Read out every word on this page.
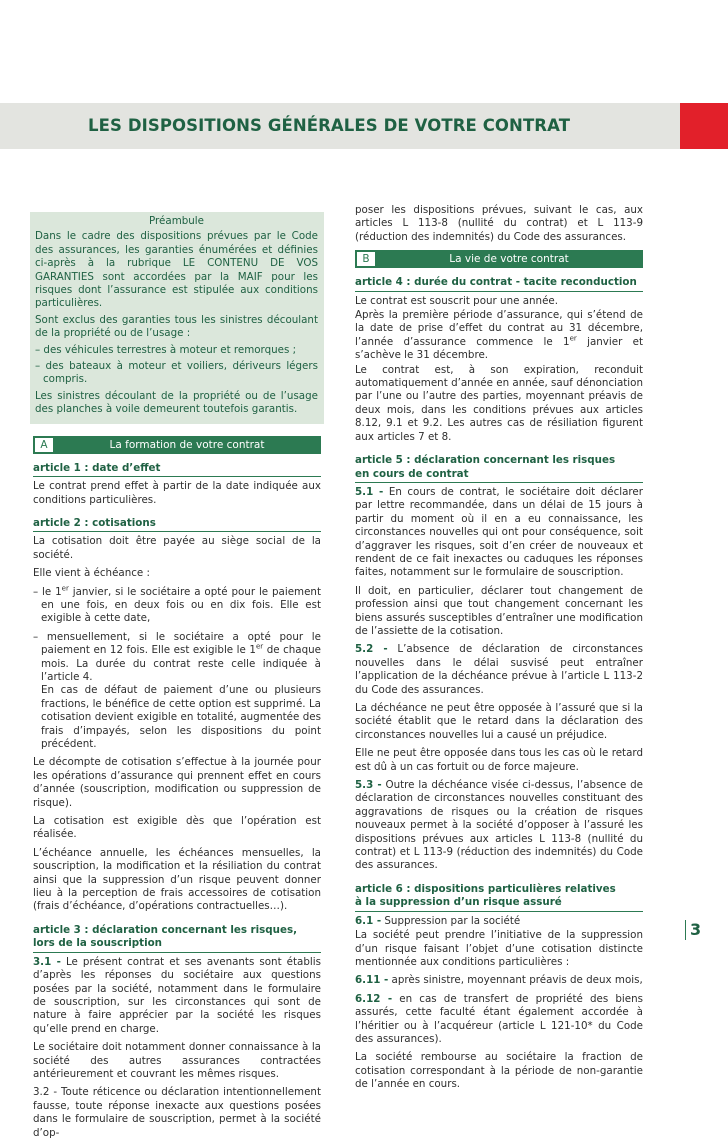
LES DISPOSITIONS GÉNÉRALES DE VOTRE CONTRAT

Préambule

Dans le cadre des dispositions prévues par le Code des assurances, les garanties énumérées et définies ci-après à la rubrique LE CONTENU DE VOS GARANTIES sont accordées par la MAIF pour les risques dont l’assurance est stipulée aux conditions particulières.

Sont exclus des garanties tous les sinistres découlant de la propriété ou de l’usage :

– des véhicules terrestres à moteur et remorques ;

– des bateaux à moteur et voiliers, dériveurs légers compris.

Les sinistres découlant de la propriété ou de l’usage des planches à voile demeurent toutefois garantis.

A	La formation de votre contrat

article 1 : date d’effet

Le contrat prend effet à partir de la date indiquée aux conditions particulières.

article 2 : cotisations

La cotisation doit être payée au siège social de la société.

Elle vient à échéance :

– le 1er janvier, si le sociétaire a opté pour le paiement en une fois, en deux fois ou en dix fois. Elle est exigible à cette date,

– mensuellement, si le sociétaire a opté pour le paiement en 12 fois. Elle est exigible le 1er de chaque mois. La durée du contrat reste celle indiquée à l’article 4.

En cas de défaut de paiement d’une ou plusieurs fractions, le bénéfice de cette option est supprimé. La cotisation devient exigible en totalité, augmentée des frais d’impayés, selon les dispositions du point précédent.

Le décompte de cotisation s’effectue à la journée pour les opérations d’assurance qui prennent effet en cours d’année (souscription, modification ou suppression de risque).

La cotisation est exigible dès que l’opération est réalisée.

L’échéance annuelle, les échéances mensuelles, la souscription, la modification et la résiliation du contrat ainsi que la suppression d’un risque peuvent donner lieu à la perception de frais accessoires de cotisation (frais d’échéance, d’opérations contractuelles…).

article 3 : déclaration concernant les risques,
lors de la souscription

3.1 - Le présent contrat et ses avenants sont établis d’après les réponses du sociétaire aux questions posées par la société, notamment dans le formulaire de souscription, sur les circonstances qui sont de nature à faire apprécier par la société les risques qu’elle prend en charge.

Le sociétaire doit notamment donner connaissance à la société des autres assurances contractées antérieurement et couvrant les mêmes risques.

3.2 - Toute réticence ou déclaration intentionnellement fausse, toute réponse inexacte aux questions posées dans le formulaire de souscription, permet à la société d’op-

poser les dispositions prévues, suivant le cas, aux articles L 113-8 (nullité du contrat) et L 113-9 (réduction des indemnités) du Code des assurances.

B	La vie de votre contrat

article 4 : durée du contrat - tacite reconduction

Le contrat est souscrit pour une année.

Après la première période d’assurance, qui s’étend de la date de prise d’effet du contrat au 31 décembre, l’année d’assurance commence le 1er janvier et s’achève le 31 décembre.

Le contrat est, à son expiration, reconduit automatiquement d’année en année, sauf dénonciation par l’une ou l’autre des parties, moyennant préavis de deux mois, dans les conditions prévues aux articles 8.12, 9.1 et 9.2. Les autres cas de résiliation figurent aux articles 7 et 8.

article 5 : déclaration concernant les risques
en cours de contrat

5.1 - En cours de contrat, le sociétaire doit déclarer par lettre recommandée, dans un délai de 15 jours à partir du moment où il en a eu connaissance, les circonstances nouvelles qui ont pour conséquence, soit d’aggraver les risques, soit d’en créer de nouveaux et rendent de ce fait inexactes ou caduques les réponses faites, notamment sur le formulaire de souscription.

Il doit, en particulier, déclarer tout changement de profession ainsi que tout changement concernant les biens assurés susceptibles d’entraîner une modification de l’assiette de la cotisation.

5.2 - L’absence de déclaration de circonstances nouvelles dans le délai susvisé peut entraîner l’application de la déchéance prévue à l’article L 113-2 du Code des assurances.

La déchéance ne peut être opposée à l’assuré que si la société établit que le retard dans la déclaration des circonstances nouvelles lui a causé un préjudice.

Elle ne peut être opposée dans tous les cas où le retard est dû à un cas fortuit ou de force majeure.

5.3 - Outre la déchéance visée ci-dessus, l’absence de déclaration de circonstances nouvelles constituant des aggravations de risques ou la création de risques nouveaux permet à la société d’opposer à l’assuré les dispositions prévues aux articles L 113-8 (nullité du contrat) et L 113-9 (réduction des indemnités) du Code des assurances.

article 6 : dispositions particulières relatives
à la suppression d’un risque assuré

6.1 - Suppression par la société

La société peut prendre l’initiative de la suppression d’un risque faisant l’objet d’une cotisation distincte mentionnée aux conditions particulières :

6.11 - après sinistre, moyennant préavis de deux mois,

6.12 - en cas de transfert de propriété des biens assurés, cette faculté étant également accordée à l’héritier ou à l’acquéreur (article L 121-10* du Code des assurances).

La société rembourse au sociétaire la fraction de cotisation correspondant à la période de non-garantie de l’année en cours.

3
